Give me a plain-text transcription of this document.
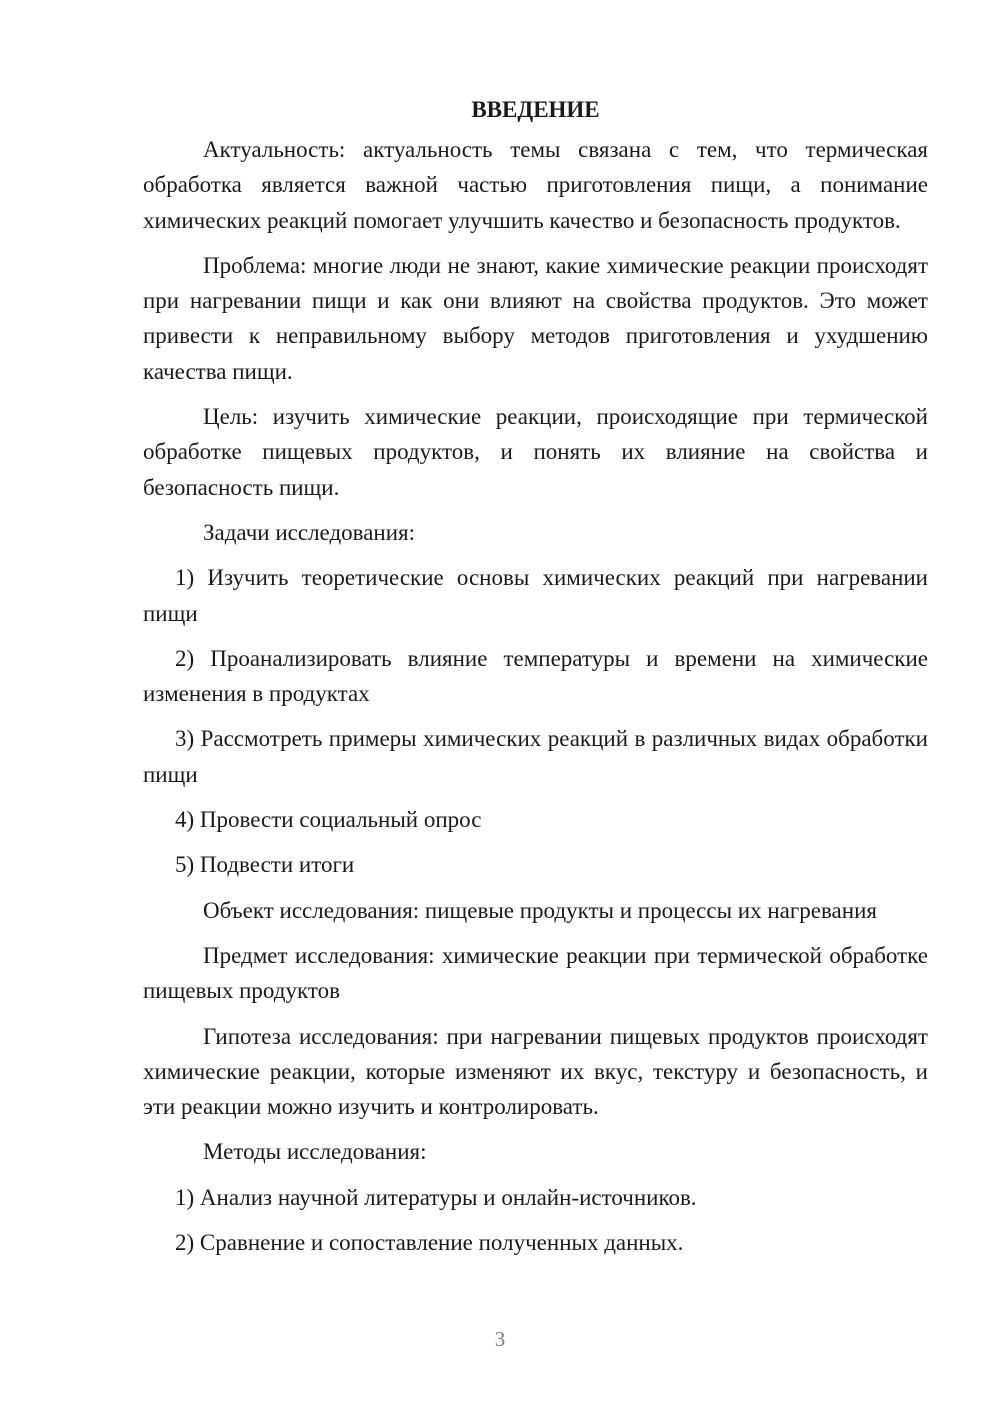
ВВЕДЕНИЕ

Актуальность: актуальность темы связана с тем, что термическая обработка является важной частью приготовления пищи, а понимание химических реакций помогает улучшить качество и безопасность продуктов.

Проблема: многие люди не знают, какие химические реакции происходят при нагревании пищи и как они влияют на свойства продуктов. Это может привести к неправильному выбору методов приготовления и ухудшению качества пищи.

Цель: изучить химические реакции, происходящие при термической обработке пищевых продуктов, и понять их влияние на свойства и безопасность пищи.

Задачи исследования:

1) Изучить теоретические основы химических реакций при нагревании пищи

2) Проанализировать влияние температуры и времени на химические изменения в продуктах

3) Рассмотреть примеры химических реакций в различных видах обработки пищи

4) Провести социальный опрос

5) Подвести итоги

Объект исследования: пищевые продукты и процессы их нагревания

Предмет исследования: химические реакции при термической обработке пищевых продуктов

Гипотеза исследования: при нагревании пищевых продуктов происходят химические реакции, которые изменяют их вкус, текстуру и безопасность, и эти реакции можно изучить и контролировать.

Методы исследования:

1) Анализ научной литературы и онлайн-источников.

2) Сравнение и сопоставление полученных данных.

3
